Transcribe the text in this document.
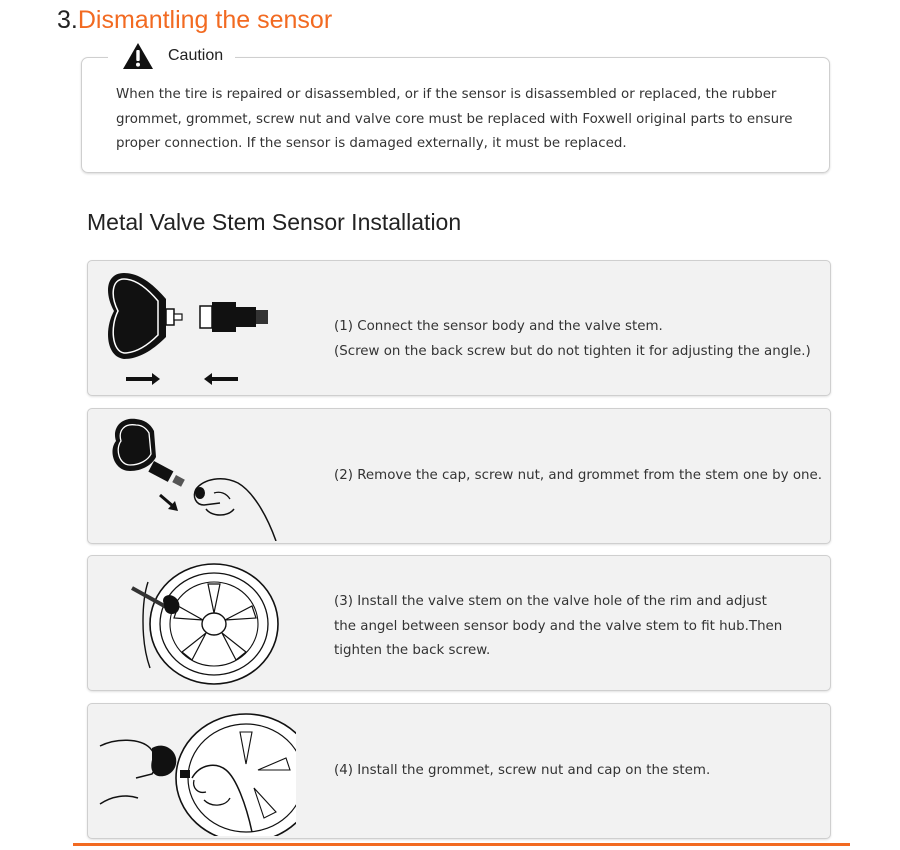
3.Dismantling the sensor
Caution
When the tire is repaired or disassembled, or if the sensor is disassembled or replaced, the rubber
grommet, grommet, screw nut and valve core must be replaced with Foxwell original parts to ensure
proper connection. If the sensor is damaged externally, it must be replaced.
Metal Valve Stem Sensor Installation

(1) Connect the sensor body and the valve stem.

(Screw on the back screw but do not tighten it for adjusting the angle.)

(2) Remove the cap, screw nut, and grommet from the stem one by one.

(3) Install the valve stem on the valve hole of the rim and adjust

the angel between sensor body and the valve stem to fit hub.Then

tighten the back screw.

(4) Install the grommet, screw nut and cap on the stem.
